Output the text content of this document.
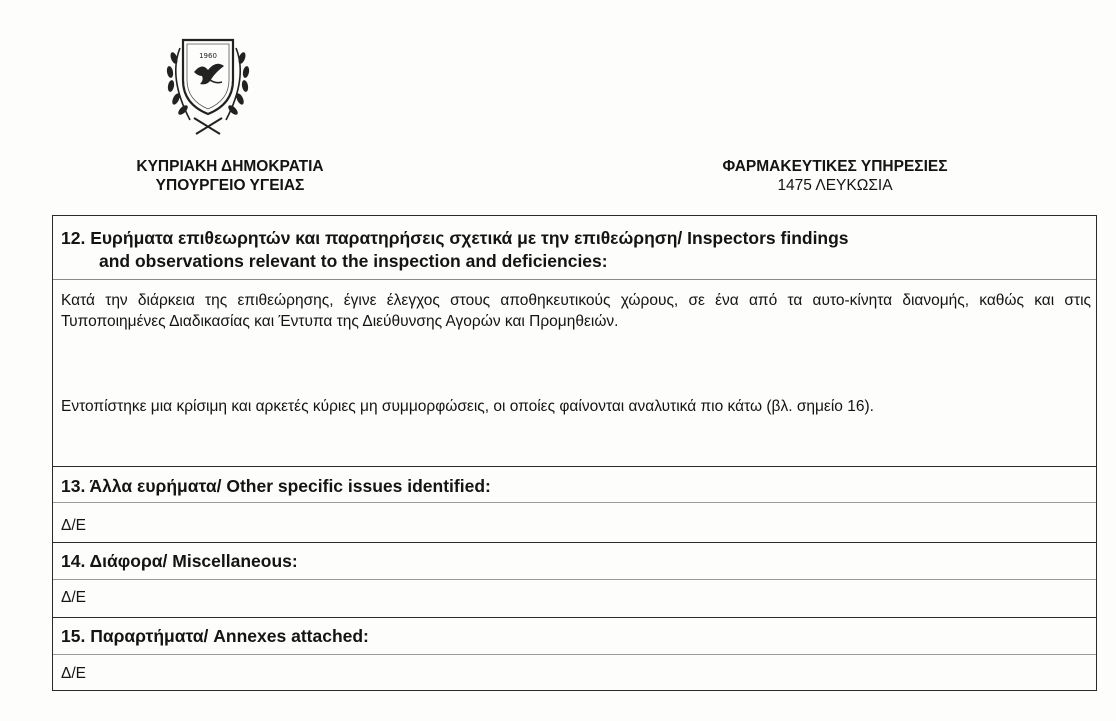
1960
ΚΥΠΡΙΑΚΗ ΔΗΜΟΚΡΑΤΙΑ
ΥΠΟΥΡΓΕΙΟ ΥΓΕΙΑΣ
ΦΑΡΜΑΚΕΥΤΙΚΕΣ ΥΠΗΡΕΣΙΕΣ
1475 ΛΕΥΚΩΣΙΑ
12. Ευρήματα επιθεωρητών και παρατηρήσεις σχετικά με την επιθεώρηση/ Inspectors findings
and observations relevant to the inspection and deficiencies:
Κατά την διάρκεια της επιθεώρησης, έγινε έλεγχος στους αποθηκευτικούς χώρους, σε ένα από τα αυτο-κίνητα διανομής, καθώς και στις Τυποποιημένες Διαδικασίας και Έντυπα της Διεύθυνσης Αγορών και Προμηθειών.
Εντοπίστηκε μια κρίσιμη και αρκετές κύριες μη συμμορφώσεις, οι οποίες φαίνονται αναλυτικά πιο κάτω (βλ. σημείο 16).
13. Άλλα ευρήματα/ Other specific issues identified:
Δ/Ε
14. Διάφορα/ Miscellaneous:
Δ/Ε
15. Παραρτήματα/ Annexes attached:
Δ/Ε
